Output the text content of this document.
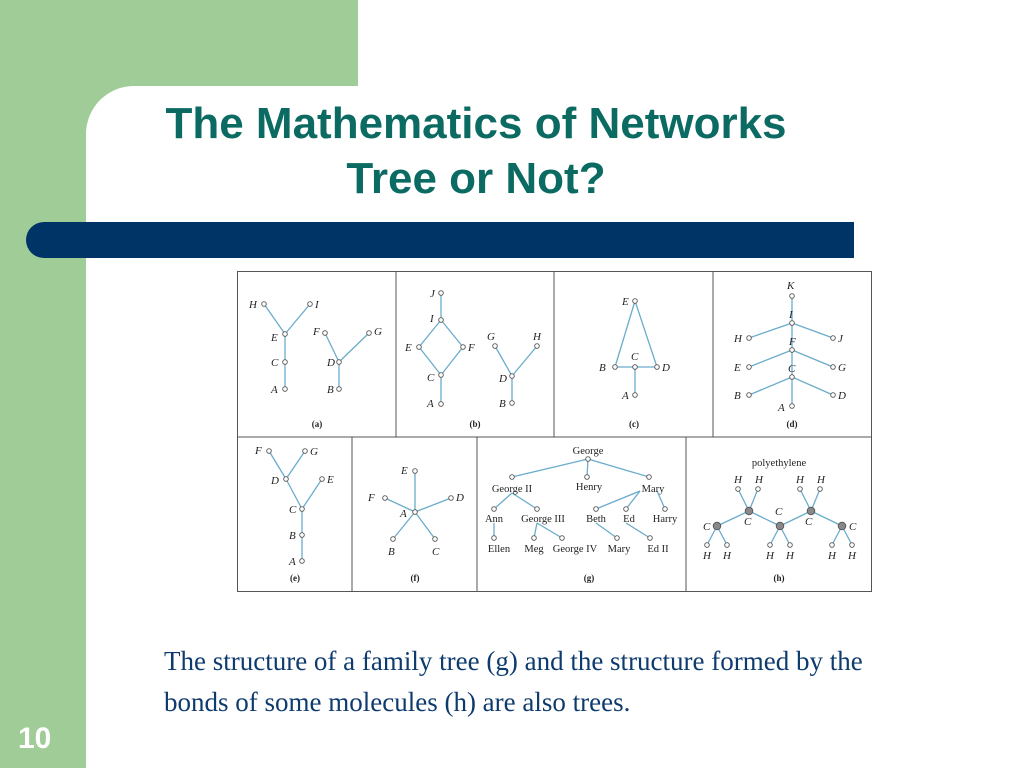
The Mathematics of Networks
Tree or Not?
H	I
E
C
A
F	G
D
B
(a)
J
I
E	F
C
A
G	H
D
B
(b)
E
C
B	D
A
(c)
K
I
H	J
F
E	G
C
B	D
A
(d)
F	G
D	E
C
B
A
(e)
E
F	D
A
B	C
(f)
George
George II	Henry	Mary
Ann George III Beth Ed Harry
Ellen Meg George IV Mary Ed II
(g)
polyethylene
H H	H H
C	C
C
C	C
H H	H H	H H
(h)
The structure of a family tree (g) and the structure formed by the bonds of some molecules (h) are also trees.
10
